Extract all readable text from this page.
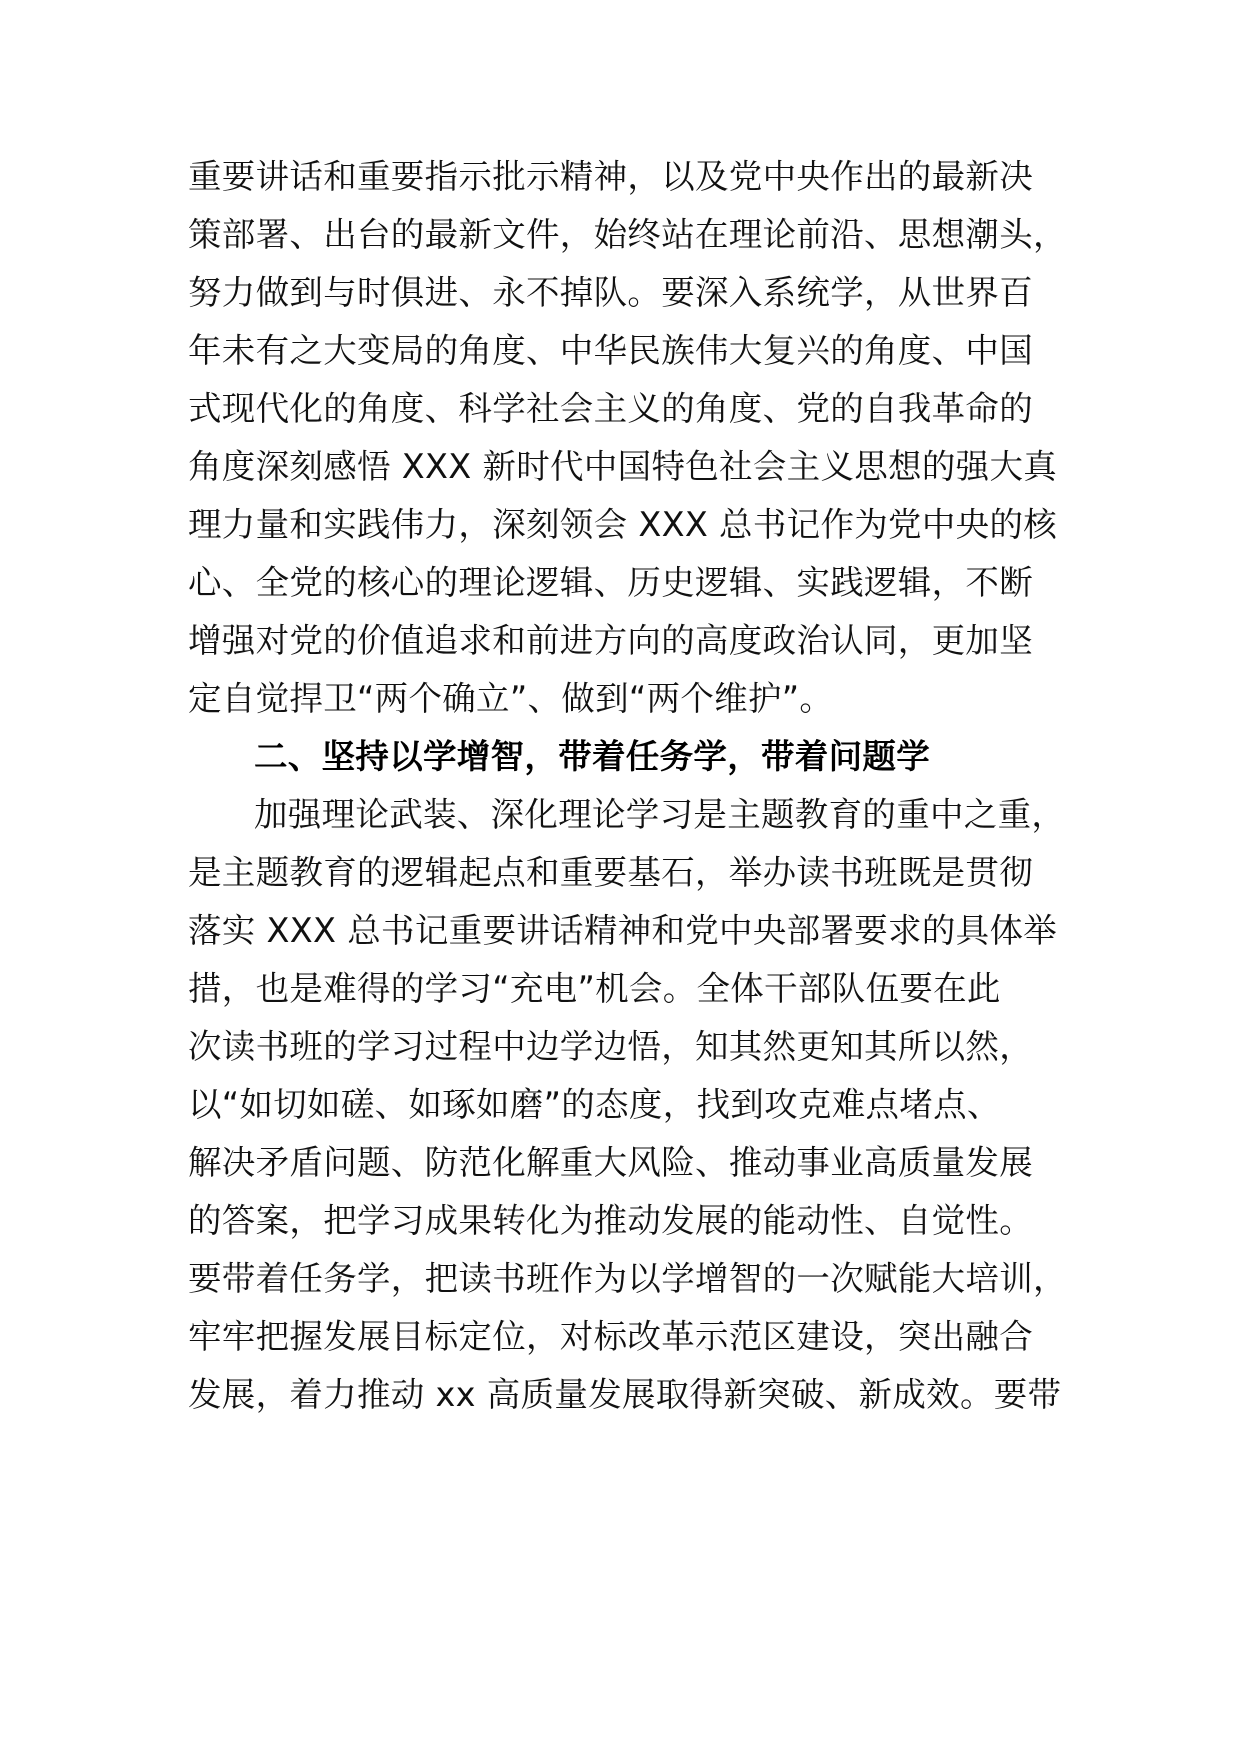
重要讲话和重要指示批示精神，以及党中央作出的最新决
策部署、出台的最新文件，始终站在理论前沿、思想潮头，
努力做到与时俱进、永不掉队。要深入系统学，从世界百
年未有之大变局的角度、中华民族伟大复兴的角度、中国
式现代化的角度、科学社会主义的角度、党的自我革命的
角度深刻感悟 XXX 新时代中国特色社会主义思想的强大真
理力量和实践伟力，深刻领会 XXX 总书记作为党中央的核
心、全党的核心的理论逻辑、历史逻辑、实践逻辑，不断
增强对党的价值追求和前进方向的高度政治认同，更加坚
定自觉捍卫“两个确立”、做到“两个维护”。
二、坚持以学增智，带着任务学，带着问题学
加强理论武装、深化理论学习是主题教育的重中之重，
是主题教育的逻辑起点和重要基石，举办读书班既是贯彻
落实 XXX 总书记重要讲话精神和党中央部署要求的具体举
措，也是难得的学习“充电”机会。全体干部队伍要在此
次读书班的学习过程中边学边悟，知其然更知其所以然，
以“如切如磋、如琢如磨”的态度，找到攻克难点堵点、
解决矛盾问题、防范化解重大风险、推动事业高质量发展
的答案，把学习成果转化为推动发展的能动性、自觉性。
要带着任务学，把读书班作为以学增智的一次赋能大培训，
牢牢把握发展目标定位，对标改革示范区建设，突出融合
发展，着力推动 xx 高质量发展取得新突破、新成效。要带
